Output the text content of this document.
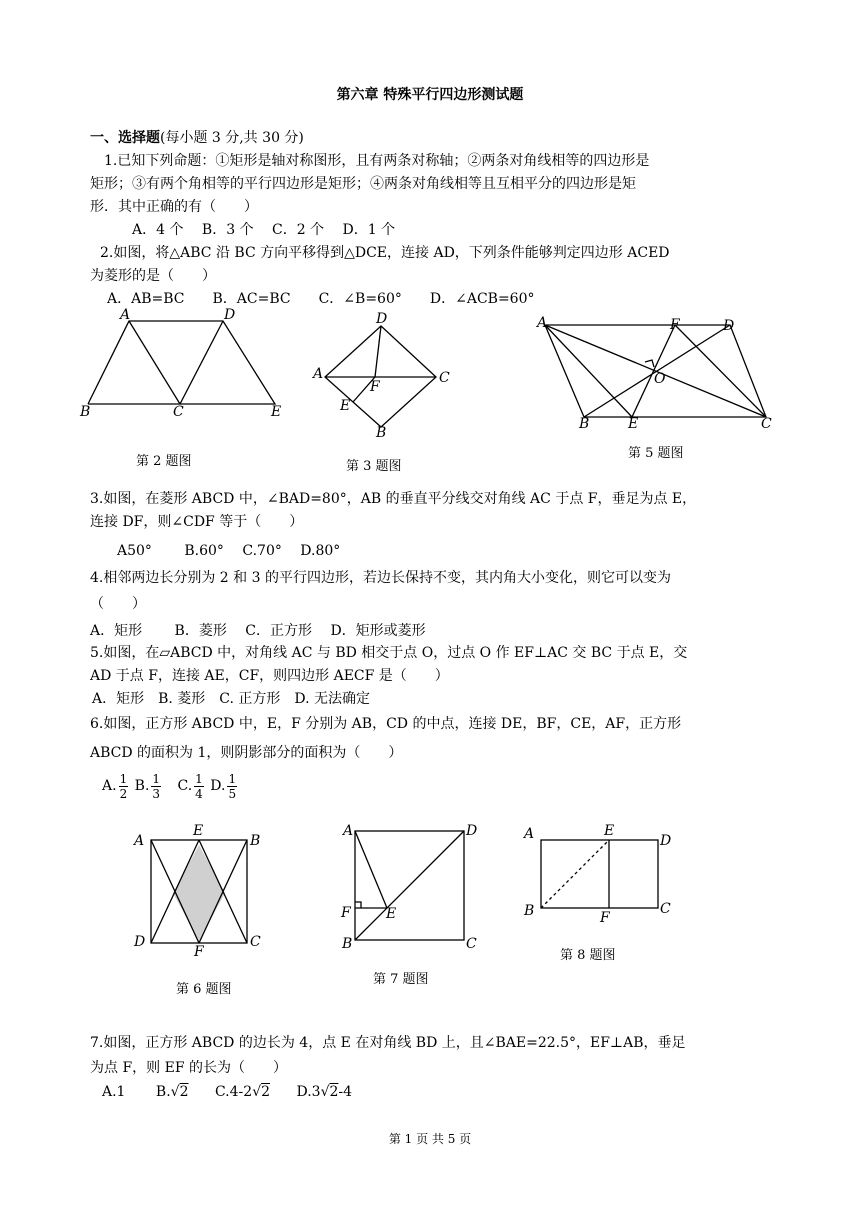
第六章 特殊平行四边形测试题
一、选择题(每小题 3 分,共 30 分)
1.已知下列命题：①矩形是轴对称图形，且有两条对称轴；②两条对角线相等的四边形是
矩形；③有两个角相等的平行四边形是矩形；④两条对角线相等且互相平分的四边形是矩
形．其中正确的有（　　）
A．4 个　 B．3 个　 C．2 个　 D．1 个
2.如图，将△ABC 沿 BC 方向平移得到△DCE，连接 AD，下列条件能够判定四边形 ACED
为菱形的是（　　）
A．AB=BC　　B．AC=BC　　C．∠B=60°　　D．∠ACB=60°
A	D
B	C	E
第 2 题图
D
A	C
F
E
B
第 3 题图
A	F	D
O
B	E	C
第 5 题图
3.如图，在菱形 ABCD 中，∠BAD=80°，AB 的垂直平分线交对角线 AC 于点 F，垂足为点 E，
连接 DF，则∠CDF 等于（　　）
A50°　　 B.60°　 C.70°　 D.80°
4.相邻两边长分别为 2 和 3 的平行四边形，若边长保持不变，其内角大小变化，则它可以变为
（　　）
A．矩形　　 B．菱形　 C．正方形　 D．矩形或菱形
5.如图，在▱ABCD 中，对角线 AC 与 BD 相交于点 O，过点 O 作 EF⊥AC 交 BC 于点 E，交
AD 于点 F，连接 AE，CF，则四边形 AECF 是（　　）
A．矩形　B. 菱形　C. 正方形　D. 无法确定
6.如图，正方形 ABCD 中，E，F 分别为 AB，CD 的中点，连接 DE，BF，CE，AF，正方形
ABCD 的面积为 1，则阴影部分的面积为（　　）
A. $\frac{1}{2} B$. $\frac{1}{3} C$. $\frac{1}{4} D$. $\frac{1}{5}$
A
E
B
D
F
C
第 6 题图
A	D
F	E
B	C
第 7 题图
A	E
D
B	F
C
第 8 题图
7.如图，正方形 ABCD 的边长为 4，点 E 在对角线 BD 上，且∠BAE=22.5°，EF⊥AB，垂足
为点 F，则 EF 的长为（　　）
A.1 B.√2 C.4-2√2 D.3√2-4
第 1 页 共 5 页
